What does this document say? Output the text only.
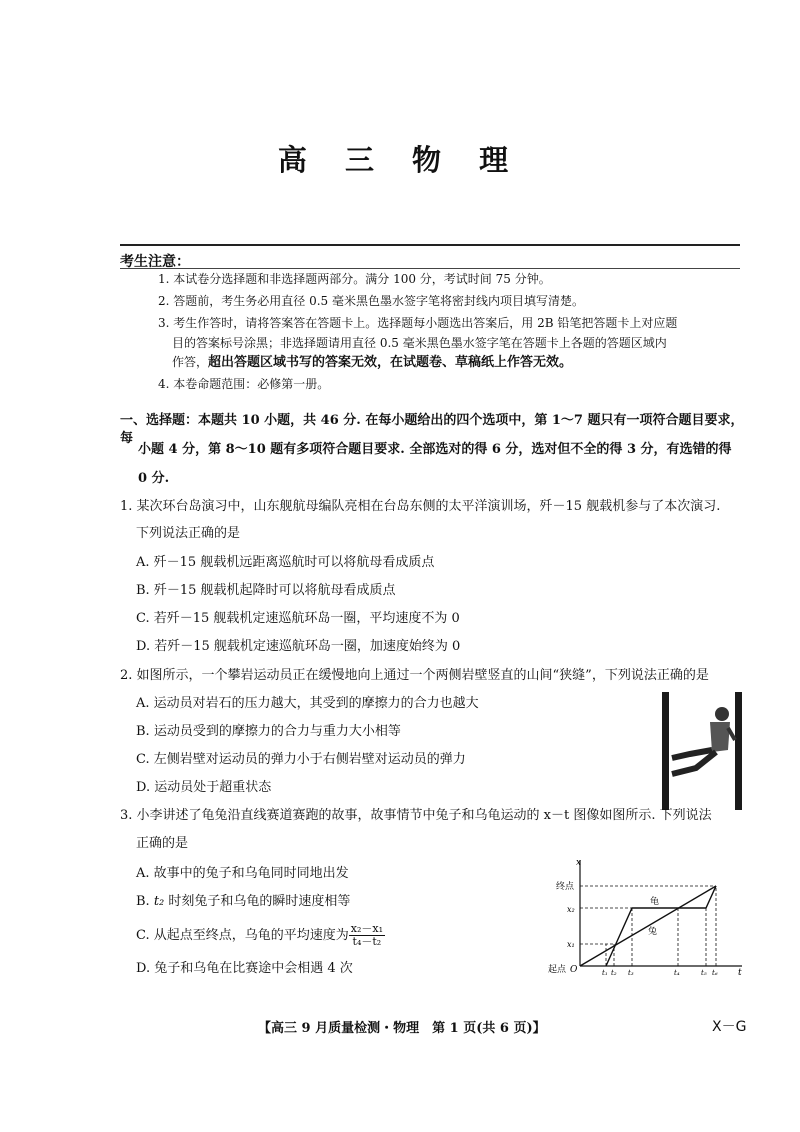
高 三 物 理
考生注意：
1. 本试卷分选择题和非选择题两部分。满分 100 分，考试时间 75 分钟。
2. 答题前，考生务必用直径 0.5 毫米黑色墨水签字笔将密封线内项目填写清楚。
3. 考生作答时，请将答案答在答题卡上。选择题每小题选出答案后，用 2B 铅笔把答题卡上对应题
目的答案标号涂黑；非选择题请用直径 0.5 毫米黑色墨水签字笔在答题卡上各题的答题区域内
作答，超出答题区域书写的答案无效，在试题卷、草稿纸上作答无效。
4. 本卷命题范围：必修第一册。
一、选择题：本题共 10 小题，共 46 分. 在每小题给出的四个选项中，第 1～7 题只有一项符合题目要求，每
小题 4 分，第 8～10 题有多项符合题目要求. 全部选对的得 6 分，选对但不全的得 3 分，有选错的得
0 分.
1. 某次环台岛演习中，山东舰航母编队亮相在台岛东侧的太平洋演训场，歼－15 舰载机参与了本次演习.
下列说法正确的是
A. 歼－15 舰载机远距离巡航时可以将航母看成质点
B. 歼－15 舰载机起降时可以将航母看成质点
C. 若歼－15 舰载机定速巡航环岛一圈，平均速度不为 0
D. 若歼－15 舰载机定速巡航环岛一圈，加速度始终为 0
2. 如图所示，一个攀岩运动员正在缓慢地向上通过一个两侧岩壁竖直的山间“狭缝”，下列说法正确的是
A. 运动员对岩石的压力越大，其受到的摩擦力的合力也越大
B. 运动员受到的摩擦力的合力与重力大小相等
C. 左侧岩壁对运动员的弹力小于右侧岩壁对运动员的弹力
D. 运动员处于超重状态
3. 小李讲述了龟兔沿直线赛道赛跑的故事，故事情节中兔子和乌龟运动的 x－t 图像如图所示. 下列说法
正确的是
A. 故事中的兔子和乌龟同时同地出发
B. t₂ 时刻兔子和乌龟的瞬时速度相等
C. 从起点至终点，乌龟的平均速度为 $\frac{\text{x₂－x₁}}{\text{t₄－t₂}}$
D. 兔子和乌龟在比赛途中会相遇 4 次
x
t
O
终点
起点
x₂
x₁
龟
兔
t₁ t₂ t₃	t₄	t₅ t₆
【高三 9 月质量检测・物理　第 1 页(共 6 页)】	X－G
